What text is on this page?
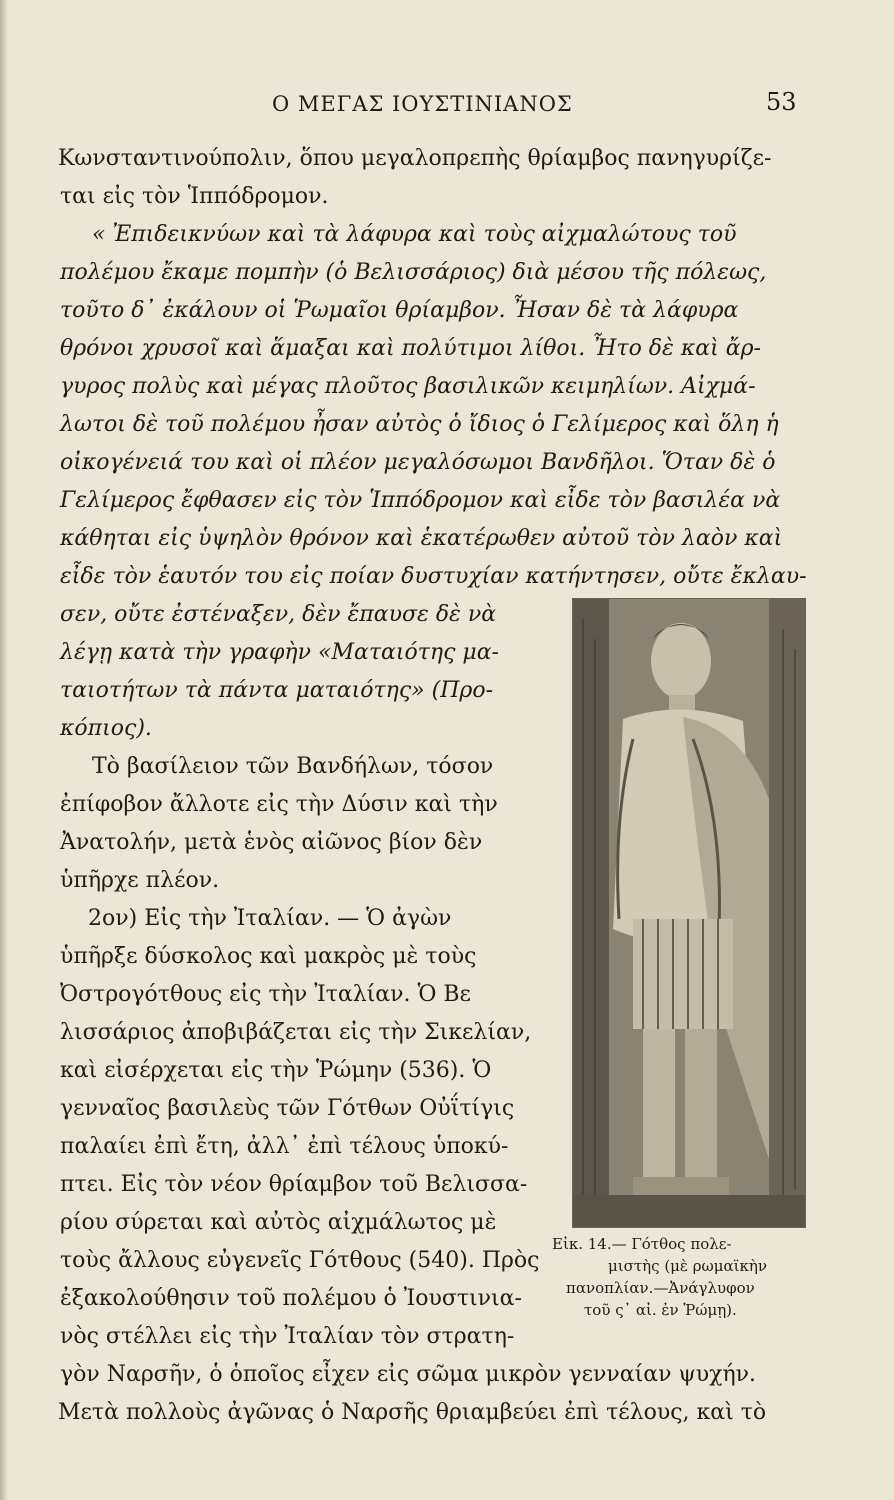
Ο ΜΕΓΑΣ ΙΟΥΣΤΙΝΙΑΝΟΣ	53
Κωνσταντινούπολιν, ὅπου μεγαλοπρεπὴς θρίαμβος πανηγυρίζε-
ται εἰς τὸν Ἱππόδρομον.
« Ἐπιδεικνύων καὶ τὰ λάφυρα καὶ τοὺς αἰχμαλώτους τοῦ
πολέμου ἔκαμε πομπὴν (ὁ Βελισσάριος) διὰ μέσου τῆς πόλεως,
τοῦτο δ᾿ ἐκάλουν οἱ Ῥωμαῖοι θρίαμβον. Ἦσαν δὲ τὰ λάφυρα
θρόνοι χρυσοῖ καὶ ἅμαξαι καὶ πολύτιμοι λίθοι. Ἦτο δὲ καὶ ἄρ-
γυρος πολὺς καὶ μέγας πλοῦτος βασιλικῶν κειμηλίων. Αἰχμά-
λωτοι δὲ τοῦ πολέμου ἦσαν αὐτὸς ὁ ἴδιος ὁ Γελίμερος καὶ ὅλη ἡ
οἰκογένειά του καὶ οἱ πλέον μεγαλόσωμοι Βανδῆλοι. Ὅταν δὲ ὁ
Γελίμερος ἔφθασεν εἰς τὸν Ἱππόδρομον καὶ εἶδε τὸν βασιλέα νὰ
κάθηται εἰς ὑψηλὸν θρόνον καὶ ἑκατέρωθεν αὐτοῦ τὸν λαὸν καὶ
εἶδε τὸν ἑαυτόν του εἰς ποίαν δυστυχίαν κατήντησεν, οὔτε ἔκλαυ-
σεν, οὔτε ἐστέναξεν, δὲν ἔπαυσε δὲ νὰ
λέγῃ κατὰ τὴν γραφὴν «Ματαιότης μα-
ταιοτήτων τὰ πάντα ματαιότης» (Προ-
κόπιος).
Τὸ βασίλειον τῶν Βανδήλων, τόσον
ἐπίφοβον ἄλλοτε εἰς τὴν Δύσιν καὶ τὴν
Ἀνατολήν, μετὰ ἑνὸς αἰῶνος βίον δὲν
ὑπῆρχε πλέον.
2ον) Εἰς τὴν Ἰταλίαν. — Ὁ ἀγὼν
ὑπῆρξε δύσκολος καὶ μακρὸς μὲ τοὺς
Ὀστρογότθους εἰς τὴν Ἰταλίαν. Ὁ Βε
λισσάριος ἀποβιβάζεται εἰς τὴν Σικελίαν,
καὶ εἰσέρχεται εἰς τὴν Ῥώμην (536). Ὁ
γενναῖος βασιλεὺς τῶν Γότθων Οὐΐτίγις
παλαίει ἐπὶ ἔτη, ἀλλ᾿ ἐπὶ τέλους ὑποκύ-
πτει. Εἰς τὸν νέον θρίαμβον τοῦ Βελισσα-
ρίου σύρεται καὶ αὐτὸς αἰχμάλωτος μὲ
τοὺς ἄλλους εὐγενεῖς Γότθους (540). Πρὸς
ἐξακολούθησιν τοῦ πολέμου ὁ Ἰουστινια-
νὸς στέλλει εἰς τὴν Ἰταλίαν τὸν στρατη-
γὸν Ναρσῆν, ὁ ὁποῖος εἶχεν εἰς σῶμα μικρὸν γενναίαν ψυχήν.
Μετὰ πολλοὺς ἀγῶνας ὁ Ναρσῆς θριαμβεύει ἐπὶ τέλους, καὶ τὸ
Εἰκ. 14.— Γότθος πολε-
μιστὴς (μὲ ρωμαϊκὴν
πανοπλίαν.—Ἀνάγλυφον
τοῦ ς᾿ αἰ. ἐν Ῥώμῃ).
